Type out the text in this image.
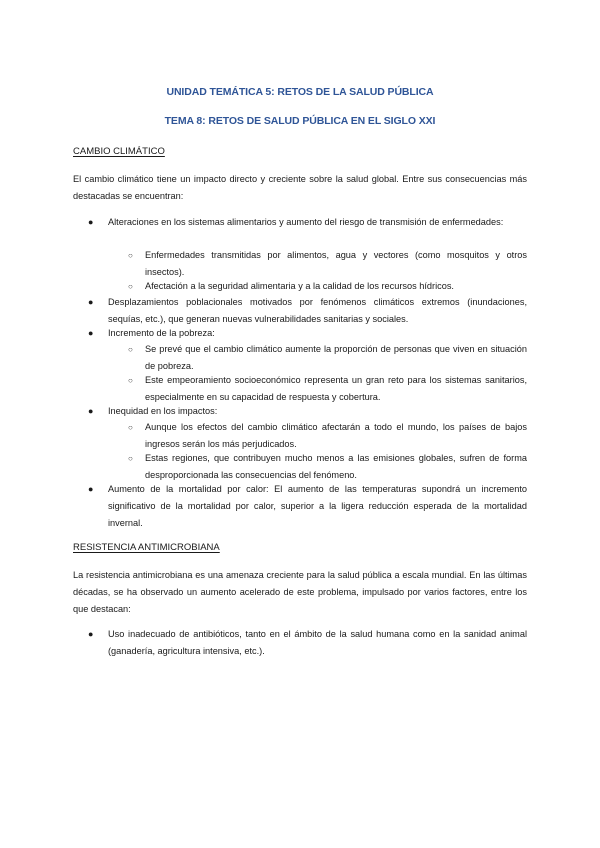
UNIDAD TEMÁTICA 5: RETOS DE LA SALUD PÚBLICA
TEMA 8: RETOS DE SALUD PÚBLICA EN EL SIGLO XXI
CAMBIO CLIMÁTICO
El cambio climático tiene un impacto directo y creciente sobre la salud global. Entre sus consecuencias más destacadas se encuentran:
● Alteraciones en los sistemas alimentarios y aumento del riesgo de transmisión de enfermedades:
○ Enfermedades transmitidas por alimentos, agua y vectores (como mosquitos y otros insectos).
○ Afectación a la seguridad alimentaria y a la calidad de los recursos hídricos.
● Desplazamientos poblacionales motivados por fenómenos climáticos extremos (inundaciones, sequías, etc.), que generan nuevas vulnerabilidades sanitarias y sociales.
● Incremento de la pobreza:
○ Se prevé que el cambio climático aumente la proporción de personas que viven en situación de pobreza.
○ Este empeoramiento socioeconómico representa un gran reto para los sistemas sanitarios, especialmente en su capacidad de respuesta y cobertura.
● Inequidad en los impactos:
○ Aunque los efectos del cambio climático afectarán a todo el mundo, los países de bajos ingresos serán los más perjudicados.
○ Estas regiones, que contribuyen mucho menos a las emisiones globales, sufren de forma desproporcionada las consecuencias del fenómeno.
● Aumento de la mortalidad por calor: El aumento de las temperaturas supondrá un incremento significativo de la mortalidad por calor, superior a la ligera reducción esperada de la mortalidad invernal.
RESISTENCIA ANTIMICROBIANA
La resistencia antimicrobiana es una amenaza creciente para la salud pública a escala mundial. En las últimas décadas, se ha observado un aumento acelerado de este problema, impulsado por varios factores, entre los que destacan:
● Uso inadecuado de antibióticos, tanto en el ámbito de la salud humana como en la sanidad animal (ganadería, agricultura intensiva, etc.).
